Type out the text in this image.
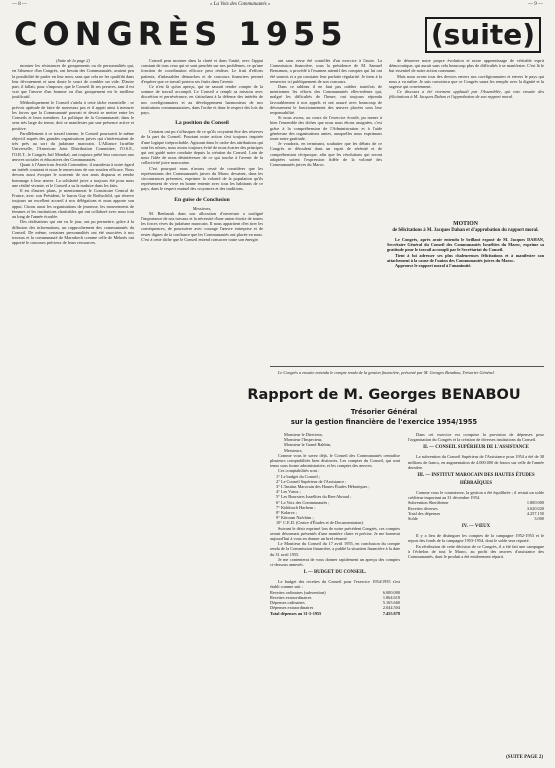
— 8 —	« La Voix des Communautés »	— 9 —
CONGRÈS 1955	(suite)

(Suite de la page 2)

montrer les résistances de groupements ou de personnalités qui, en l'absence d'un Congrès, ont besoin des Communautés, avaient peu la possibilité de parler en leur nom, sans que cela ne les qualifiât dans leur dévouement et sans doute le souci de combler un vide. D'autre part, il fallait, pour s'imposer, que le Conseil fît ses preuves, tant il est vrai que l'œuvre d'un homme ou d'un groupement est le meilleur justificatif.

Méthodiquement le Conseil s'attela à cette tâche essentielle : se prévoir aptitude de faire de nouveaux pas et il apprit ainsi à mesurer les forces que la Communauté pouvait et devait se mettre entre les Conseils et leurs membres. La politique de la Communauté, dans le sens très large du terme, doit se manifester par une présence active et positive.

Parallèlement à ce travail interne, le Conseil poursuivit le même objectif auprès des grandes organisations juives qui s'intéressaient de très près au sort du judaïsme marocain. L'Alliance Israélite Universelle, l'American Joint Distribution Committee, l'O.S.E., l'O.R.T., le Congrès Juif Mondial, ont toujours prêté leur concours aux œuvres sociales et éducatives des Communautés.

Quant à l'American Jewish Committee, il manifesta à notre égard un intérêt constant et nous le remercions de son soutien efficace. Nous devons aussi évoquer le souvenir de nos amis disparus et rendre hommage à leur œuvre. La solidarité juive a toujours été pour nous une réalité vivante, et le Conseil a su la traduire dans les faits.

Il est d'autres plans, je mentionnerai le Consistoire Central de France, avec son Président, le baron Guy de Rothschild, qui réserve toujours un excellent accueil à nos délégations et nous apporte son appui. Citons aussi les organisations de jeunesse, les mouvements de femmes et les institutions charitables qui ont collaboré avec nous tout au long de l'année écoulée.

Des réalisations qui ont vu le jour, ont pu permettre, grâce à la diffusion des informations, un rapprochement des communautés du Conseil. De même, certaines personnalités ont été associées à nos travaux et la communauté de Marrakech comme celle de Meknès ont apporté le concours précieux de leurs ressources.

Conseil peut montrer dans la clarté et dans l'unité, avec l'appui constant de tous ceux qui se sont penchés sur nos problèmes, ce qu'une fonction de coordination efficace peut réaliser. Le fruit d'efforts patients, d'inlassables démarches et de concours financiers permet d'espérer que ce travail portera ses fruits dans l'avenir.

Ce n'est là qu'un aperçu, qui ne saurait rendre compte de la somme de travail accompli. Le Conseil a rempli sa mission avec discrétion et persévérance, en s'attachant à la défense des intérêts de nos coreligionnaires et au développement harmonieux de nos institutions communautaires, dans l'ordre et dans le respect des lois du pays.

La position du Conseil

Certains ont pu s'offusquer de ce qu'ils croyaient être des réserves de la part du Conseil. Pourtant notre action s'est toujours inspirée d'une logique irréprochable. Agissant dans le cadre des attributions qui sont les nôtres, nous avons toujours évité de nous écarter des principes qui ont guidé notre conduite depuis la création du Conseil. Loin de nous l'idée de nous désintéresser de ce qui touche à l'avenir de la collectivité juive marocaine.

C'est pourquoi nous n'avons cessé de considérer que les représentants des Communautés juives du Maroc devaient, dans les circonstances présentes, exprimer la volonté de la population qu'ils représentent de vivre en bonne entente avec tous les habitants de ce pays, dans le respect mutuel des croyances et des traditions.

En guise de Conclusion

Messieurs,

M. Benbaruk dans son allocution d'ouverture a souligné l'importance de nos travaux et la nécessité d'une union étroite de toutes les forces vives du judaïsme marocain. Il nous appartient d'en tirer les conséquences, de poursuivre avec courage l'œuvre entreprise et de rester dignes de la confiance que les Communautés ont placée en nous. C'est à cette tâche que le Conseil entend consacrer toute son énergie.

ont sans cesse été contrôlés d'un exercice à l'autre. La Commission financière, sous la présidence de M. Samuel Bensimon, a procédé à l'examen attentif des comptes qui lui ont été soumis et a pu constater leur parfaite régularité. Je tiens à la remercier ici publiquement de son concours.

Dans ce tableau il ne faut pas oublier toutefois de mentionner les efforts des Communautés elles-mêmes qui, malgré les difficultés de l'heure, ont toujours répondu favorablement à nos appels et ont assuré avec beaucoup de dévouement le fonctionnement des œuvres placées sous leur responsabilité.

Si nous avons, au cours de l'exercice écoulé, pu mener à bien l'ensemble des tâches que nous nous étions assignées, c'est grâce à la compréhension de l'Administration et à l'aide généreuse des organisations amies, auxquelles nous exprimons toute notre gratitude.

Je voudrais, en terminant, souhaiter que les débats de ce Congrès se déroulent dans un esprit de sérénité et de compréhension réciproque, afin que les résolutions qui seront adoptées soient l'expression fidèle de la volonté des Communautés juives du Maroc.

de désserrer notre propre évolution et notre apprentissage de véritable esprit démocratique, qui aurait sans cela beaucoup plus de difficultés à se manifester. C'est là le but essentiel de notre action commune.

Mais nous avons tous des devoirs envers nos coreligionnaires et envers le pays qui nous a vu naître. Je suis convaincu que ce Congrès saura les remplir avec la dignité et la sagesse qui conviennent.

Ce discours a été vivement applaudi par l'Assemblée, qui vote ensuite des félicitations à M. Jacques Dahan et l'approbation de son rapport moral.

MOTION
de félicitations à M. Jacques Dahan et d'approbation du rapport moral.

Le Congrès, après avoir entendu le brillant exposé de M. Jacques DAHAN, Secrétaire Général du Conseil des Communautés Israélites du Maroc, exprime sa gratitude pour le travail accompli par le Secrétariat du Conseil.

Tient à lui adresser ses plus chaleureuses félicitations et à manifester son attachement à la cause de l'union des Communautés juives du Maroc.

Approuve le rapport moral à l'unanimité.

Le Congrès a ensuite entendu le compte rendu de la gestion financière, présenté par M. Georges Benabou, Trésorier Général.

Rapport de M. Georges BENABOU
Trésorier Général
sur la gestion financière de l'exercice 1954/1955
Monsieur le Directeur,
Monsieur l'Inspecteur,
Monsieur le Grand Rabbin,
Messieurs,

Comme vous le savez déjà, le Conseil des Communautés centralise plusieurs comptabilités bien distinctes. Les comptes du Conseil, qui sont tenus sous forme administrative, et les comptes des œuvres.

Ces comptabilités sont :

1° Le budget du Conseil ;
2° Le Conseil Supérieur de l'Assistance ;
3° L'Institut Marocain des Hautes Études Hébraïques ;
4° Les Vœux ;
5° Les Boursiers Israélites du Ben-Abroud ;
6° La Voix des Communautés ;
7° Kiddouch Hachem ;
8° Kalarva ;
9° Kittoum Nafchim ;
10° C.E.D. (Centre d'Études et de Documentation).

Suivant le désir exprimé lors de notre précédent Congrès, ces comptes seront désormais présentés d'une manière claire et précise. Je me bornerai aujourd'hui à vous en donner un bref résumé.

Le Moniteur du Conseil du 17 avril 1955, en conclusion du compte rendu de la Commission financière, a publié la situation financière à la date du 31 avril 1955.

Je me contenterai de vous donner rapidement un aperçu des comptes ci-dessous annexés.

I. — BUDGET DU CONSEIL.

Le budget des recettes du Conseil pour l'exercice 1954/1955 s'est établi comme suit :

Recettes ordinaires (subvention)	6.000.000
Recettes extraordinaires	1.864.618
Dépenses ordinaires	5.165.660
Dépenses extraordinaires	2.044.504
Total dépenses au 31-5-1955	7.455.878

Dans cet exercice est comprise la provision de dépenses pour l'organisation du Congrès et la création de diverses institutions du Conseil.

II. — CONSEIL SUPÉRIEUR DE L'ASSISTANCE

La subvention du Conseil Supérieur de l'Assistance pour 1954 a été de 38 millions de francs, en augmentation de 4.000.000 de francs sur celle de l'année dernière.

III. — INSTITUT MAROCAIN DES HAUTES ÉTUDES HÉBRAÏQUES

Comme vous le constaterez, la gestion a été équilibrée ; il restait un solde créditeur important au 31 décembre 1954.

Subvention Sherifienne	1.800.000
Recettes diverses	3.620.020
Total des dépenses	4.257.150
Solde	3.000
IV. — VŒUX

Il y a lieu de distinguer les comptes de la campagne 1952-1953 et le report des fonds de la campagne 1953-1954, dont le solde sera reporté.

En rétribution de cette décision de ce Congrès, il a été fait une campagne à l'échelon de tout le Maroc, au profit des œuvres d'assistance des Communautés, dont le produit a été entièrement réparti.

(SUITE PAGE 2)
